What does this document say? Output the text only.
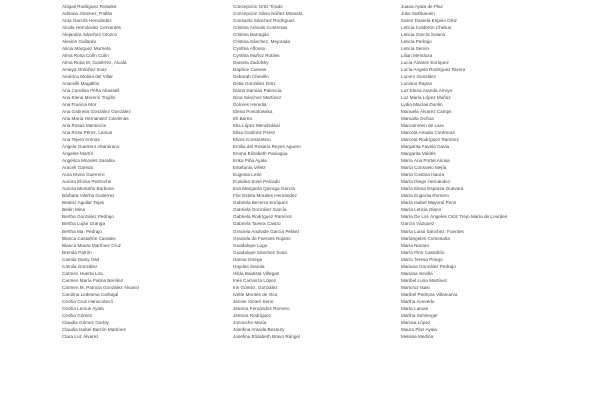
Abigail Rodriguez Rosales
Adriana Jiménez, Patlán
Aída Garcés Hernández
Alcida Hernández Cervantes
Alejandra Sánchez Orozco
Alexión Gallardo
Alicia Márquez Murrieta
Alma Rosa Colín Colín
Alma Rosa M. Gutiérrez, Alcalá
Amaya Ordóñez Imaz
América Molina del Villar
Anaceilli Magallón
Ana Carolina Peña Abussell
Ana Elena Moreno Trujillo
Ana Francia Mor
Ana Gabriela González González
Ana María Hernández Cárdenas
Ana Rosas Mantecón
Ana Rosa Pérez, Lemus
Ana Tejero Arenas
Ángela Guerrero Altamirano
Ángeles Martín
Angélica Morales Sarabia
Aracelí Garrido
Aura Elvira Guerrero
Aurora Eloísa Pedroche
Aurora Montaño Barbosa
Bárbara Vilerha Gutiérrez
Beatriz Aguilar Tejas
Belén Mina
Bertha González Pedrajo
Bertha Luján Granga
Bertha Ma. Pedrajo
Blanca Castañón Canales
Blanca Maura Martínez Cruz
Brenda Patrón
Camila Daniy Olid
Camila González
Carmen Huerta Lira
Carmen María Palma Benítez
Carmen M. Patricia González Álvarez
Carolina Ledesma Carbajal
Cecilia Cruz Hanocotecó
Cecilia Lemus Ayala
Cecilia Gómez
Claudia Gómez Godoy
Claudia Isabel Barrón Martínez
Clara Luz Álvarez
Concepción Ortiz Tirado
Concepción Silvia Núñez Miranda
Consuelo Sánchez Rodríguez
Cristina Arévalo Contreras
Cristina Barragán
Cristina Sánchez, Mejorada
Cynthia Alfonso
Cynthia Muñoz Robles
Daniela Zadolsky
Daphne Cuevas
Deborah Chenillo
Delia González Ortiz
Diana Damián Palencia
Dina Sánchez Martínez
Dolores Heredia
Elena Poniatowska
Eli Bartra
Elia López Mendizábal
Elisa Godínez Pérez
Elvira Constantino
Emilia del Rosario Reyes Aguero
Emma Elizabeth Paniagua
Erika Piña Ayala
Estefanía Vélez
Eugenia León
Eunidea Sosé Pelcado
Eva Margarita Quiroga García
Flor Estela Morales Hernández
Gabriela Becerra Enríquez
Gabriela González García
Gabriela Rodríguez Ramírez
Gabriela Tavera Castro
Graciela Andrade García Peláez
Graciela de Fuentes Rojano
Guadalupe Lugo
Guadalupe Sánchez Sosa
Hanna Ortega
Haydee Ibarola
Hilda Bautista Villegas
Inés Carranza López
Iris Gómez, González
Ivette Montes de Oca
Jennie Ximeri Serur
Jessica Fernández Romero
Jessica Rodríguez
Jonnuche María
Josefina Aranda Bezaury
Josefina Elizabeth Bravo Rángel
Juana Ayala de Plaz
Julio Sidirkaneiri
Karen Daniela Espino Ortiz
Leticia Calderón Chelius
Leticia García Solano
Leticia Pedrajo
Leticia Servín
Lilian Mendoza
Lucía Álvarez Enríquez
Lucía Angela Rodríguez Rivera
Lucero González
Luciano Rapan
Luz Elena Aranda Arroyo
Luz María López Muñoz
Lydia Macías Dunlin
Manuela Álvarez Camps
Manuela Ochoa
Marcammen de Lara
Marcela Amado Contreras
Marcela Rodríguez Ramírez
Margarita Favela Gavia
Margarita Valdés
María Ana Portal Ariosa
María Consuelo Mejía
María Cristina Isaura
María Diego Hernández
María Elena Esparza Guevara
María Eugenia Romero
María Isabel Mayoral Pons
María Leticia Olano
María De Los Ángeles Ortiz Trejo María de Lourdes
García Vázquez
María Luisa Sánchez, Fuentes
Mariángeles Comesaña
María Novaro
María Pino Castañón
María Teresa Priego
Mariana González Pedrajo
Mariana Sevilla
Maribel Luna Martínez
Maricruz Isasi
Maribel Pedroza Villanueva
Martha Acevedo
Marta Lamas
Martha Sohlenger
Maruxa López
Maura Plaz Ayala
Melissa Medina
